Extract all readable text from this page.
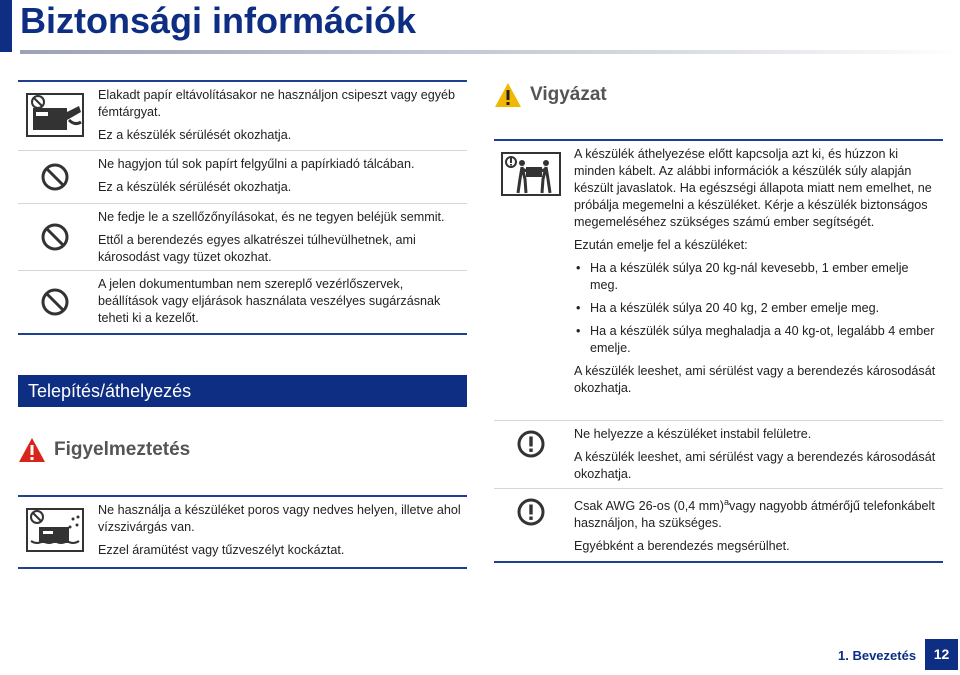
Biztonsági információk

Elakadt papír eltávolításakor ne használjon csipeszt vagy egyéb fémtárgyat.

Ez a készülék sérülését okozhatja.

Ne hagyjon túl sok papírt felgyűlni a papírkiadó tálcában.

Ez a készülék sérülését okozhatja.

Ne fedje le a szellőzőnyílásokat, és ne tegyen beléjük semmit.

Ettől a berendezés egyes alkatrészei túlhevülhetnek, ami károsodást vagy tüzet okozhat.

A jelen dokumentumban nem szereplő vezérlőszervek, beállítások vagy eljárások használata veszélyes sugárzásnak teheti ki a kezelőt.

Telepítés/áthelyezés
Figyelmeztetés

Ne használja a készüléket poros vagy nedves helyen, illetve ahol vízszivárgás van.

Ezzel áramütést vagy tűzveszélyt kockáztat.

Vigyázat

A készülék áthelyezése előtt kapcsolja azt ki, és húzzon ki minden kábelt. Az alábbi információk a készülék súly alapján készült javaslatok. Ha egészségi állapota miatt nem emelhet, ne próbálja megemelni a készüléket. Kérje a készülék biztonságos megemeléséhez szükséges számú ember segítségét.

Ezután emelje fel a készüléket:

• Ha a készülék súlya 20 kg-nál kevesebb, 1 ember emelje meg.
• Ha a készülék súlya 20 40 kg, 2 ember emelje meg.
• Ha a készülék súlya meghaladja a 40 kg-ot, legalább 4 ember emelje.

A készülék leeshet, ami sérülést vagy a berendezés károsodását okozhatja.

Ne helyezze a készüléket instabil felületre.

A készülék leeshet, ami sérülést vagy a berendezés károsodását okozhatja.

Csak AWG 26-os (0,4 mm)$^a$vagy nagyobb átmérőjű telefonkábelt használjon, ha szükséges.

Egyébként a berendezés megsérülhet.

1. Bevezetés	12
